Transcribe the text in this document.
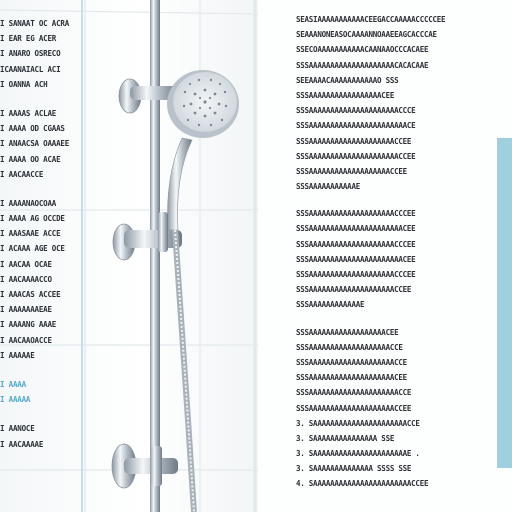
I SANAAT OC ACRA
I EAR EG ACER
I ANARO OSRECO
ICAANAIACL ACI
I OANNA ACH
I AAAAS ACLAE
I AAAA OD CGAAS
I ANAACSA OAAAEE
I AAAA OO ACAE
I AACAACCE
I AAAANAOCOAA
I AAAA AG OCCDE
I AAASAAE ACCE
I ACAAA AGE OCE
I AACAA OCAE
I AACAAAACCO
I AAACAS ACCEE
I AAAAAAAEAE
I AAAANG AAAE
I AACAAOACCE
I AAAAAE
I AAAA
I AAAAA
I AANOCE
I AACAAAAE
SEASIAAAAAAAAAAACEEGACCAAAAACCCCCEE
SEAAANONEASOCAAAANNOAAEEAGCACCCAE
SSECOAAAAAAAAAAACAANAAOCCCACAEE
SSSAAAAAAAAAAAAAAAAAAAACACACAAE
SEEAAAACAAAAAAAAAAAO SSS
SSSAAAAAAAAAAAAAAAAACEE
SSSAAAAAAAAAAAAAAAAAAAAACCCE
SSSAAAAAAAAAAAAAAAAAAAAAAACE
SSSAAAAAAAAAAAAAAAAAAAACCEE
SSSAAAAAAAAAAAAAAAAAAAAACCEE
SSSAAAAAAAAAAAAAAAAAAACCEE
SSSAAAAAAAAAAAE
SSSAAAAAAAAAAAAAAAAAAAACCCEE
SSSAAAAAAAAAAAAAAAAAAAAAACEE
SSSAAAAAAAAAAAAAAAAAAAACCCEE
SSSAAAAAAAAAAAAAAAAAAAAAACEE
SSSAAAAAAAAAAAAAAAAAAAACCCEE
SSSAAAAAAAAAAAAAAAAAAAACCEE
SSSAAAAAAAAAAAAE
SSSAAAAAAAAAAAAAAAAAACEE
SSSAAAAAAAAAAAAAAAAAAACCE
SSSAAAAAAAAAAAAAAAAAAAACCE
SSSAAAAAAAAAAAAAAAAAAAACEE
SSSAAAAAAAAAAAAAAAAAAAAACCE
SSSAAAAAAAAAAAAAAAAAAAACCEE
3. SAAAAAAAAAAAAAAAAAAAAAACCE
3. SAAAAAAAAAAAAAAA SSE
3. SAAAAAAAAAAAAAAAAAAAAAAE .
3. SAAAAAAAAAAAAAA SSSS SSE
4. SAAAAAAAAAAAAAAAAAAAAAAACCEE
